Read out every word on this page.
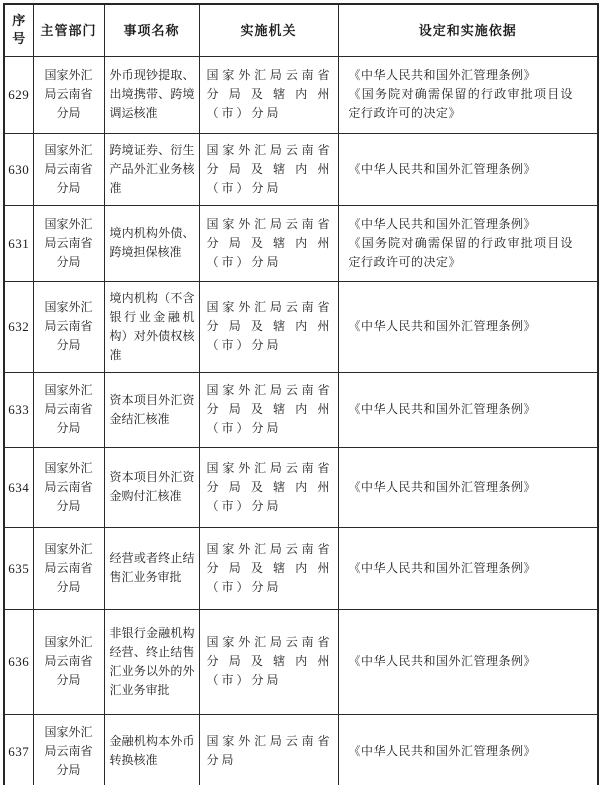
序号	主管部门	事项名称	实施机关	设定和实施依据
629	国家外汇局云南省分局	外币现钞提取、出境携带、跨境调运核准	国家外汇局云南省分局及辖内州（市）分局	《中华人民共和国外汇管理条例》
《国务院对确需保留的行政审批项目设定行政许可的决定》

630	国家外汇局云南省分局	跨境证券、衍生产品外汇业务核准	国家外汇局云南省分局及辖内州（市）分局	《中华人民共和国外汇管理条例》

631	国家外汇局云南省分局	境内机构外债、跨境担保核准	国家外汇局云南省分局及辖内州（市）分局	《中华人民共和国外汇管理条例》
《国务院对确需保留的行政审批项目设定行政许可的决定》

632	国家外汇局云南省分局	境内机构（不含银行业金融机构）对外债权核准	国家外汇局云南省分局及辖内州（市）分局	《中华人民共和国外汇管理条例》

633	国家外汇局云南省分局	资本项目外汇资金结汇核准	国家外汇局云南省分局及辖内州（市）分局	《中华人民共和国外汇管理条例》

634	国家外汇局云南省分局	资本项目外汇资金购付汇核准	国家外汇局云南省分局及辖内州（市）分局	《中华人民共和国外汇管理条例》

635	国家外汇局云南省分局	经营或者终止结售汇业务审批	国家外汇局云南省分局及辖内州（市）分局	《中华人民共和国外汇管理条例》

636	国家外汇局云南省分局	非银行金融机构经营、终止结售汇业务以外的外汇业务审批	国家外汇局云南省分局及辖内州（市）分局	《中华人民共和国外汇管理条例》

637	国家外汇局云南省分局	金融机构本外币转换核准	国家外汇局云南省分局	《中华人民共和国外汇管理条例》
